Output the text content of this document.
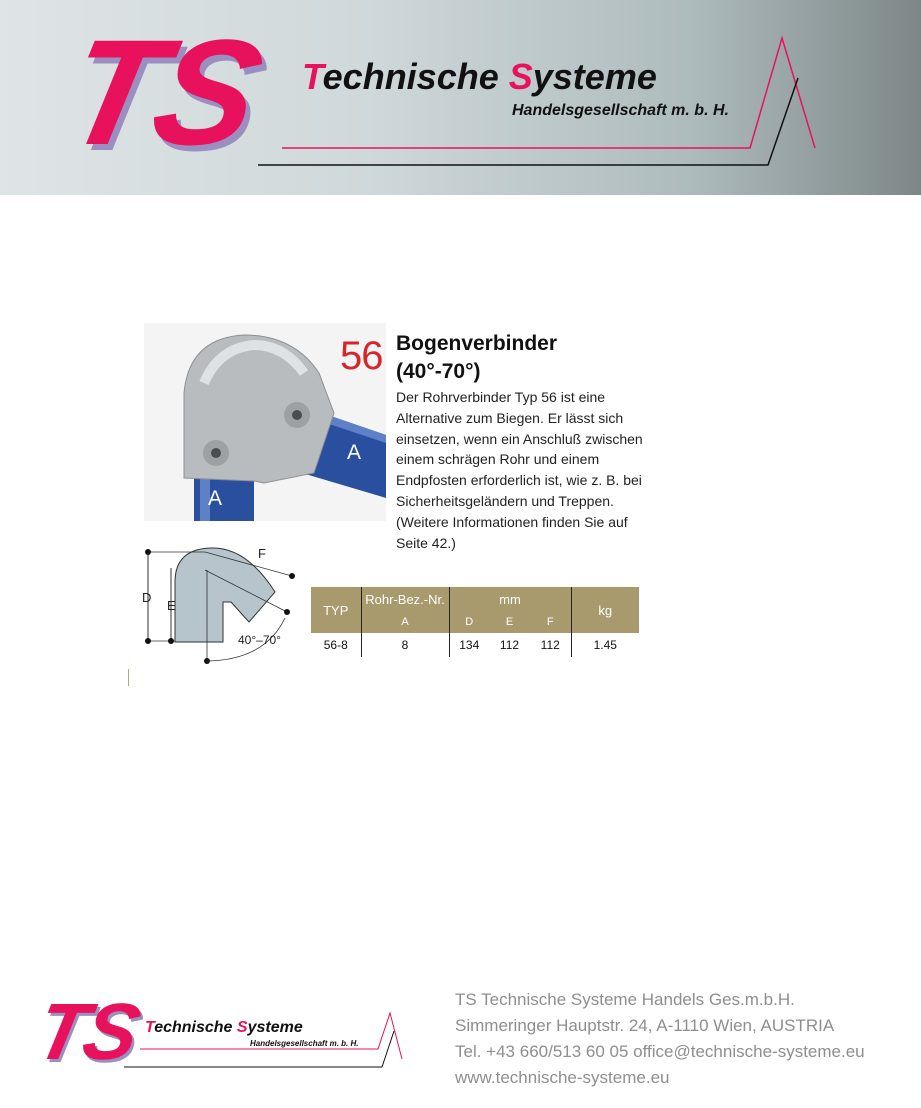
TS Technische Systeme
Handelsgesellschaft m. b. H.
A
A
56 Bogenverbinder
(40°-70°)
Der Rohrverbinder Typ 56 ist eine Alternative zum Biegen. Er lässt sich einsetzen, wenn ein Anschluß zwischen einem schrägen Rohr und einem Endpfosten erforderlich ist, wie z. B. bei Sicherheitsgeländern und Treppen. (Weitere Informationen finden Sie auf Seite 42.)
D
E
F
40°–70°
TYP	Rohr-Bez.-Nr.	mm			kg
	A	D	E	F	
56-8	8	134	112	112	1.45
TS Technische Systeme
Handelsgesellschaft m. b. H.
TS Technische Systeme Handels Ges.m.b.H.
Simmeringer Hauptstr. 24, A-1110 Wien, AUSTRIA
Tel. +43 660/513 60 05 office@technische-systeme.eu
www.technische-systeme.eu
